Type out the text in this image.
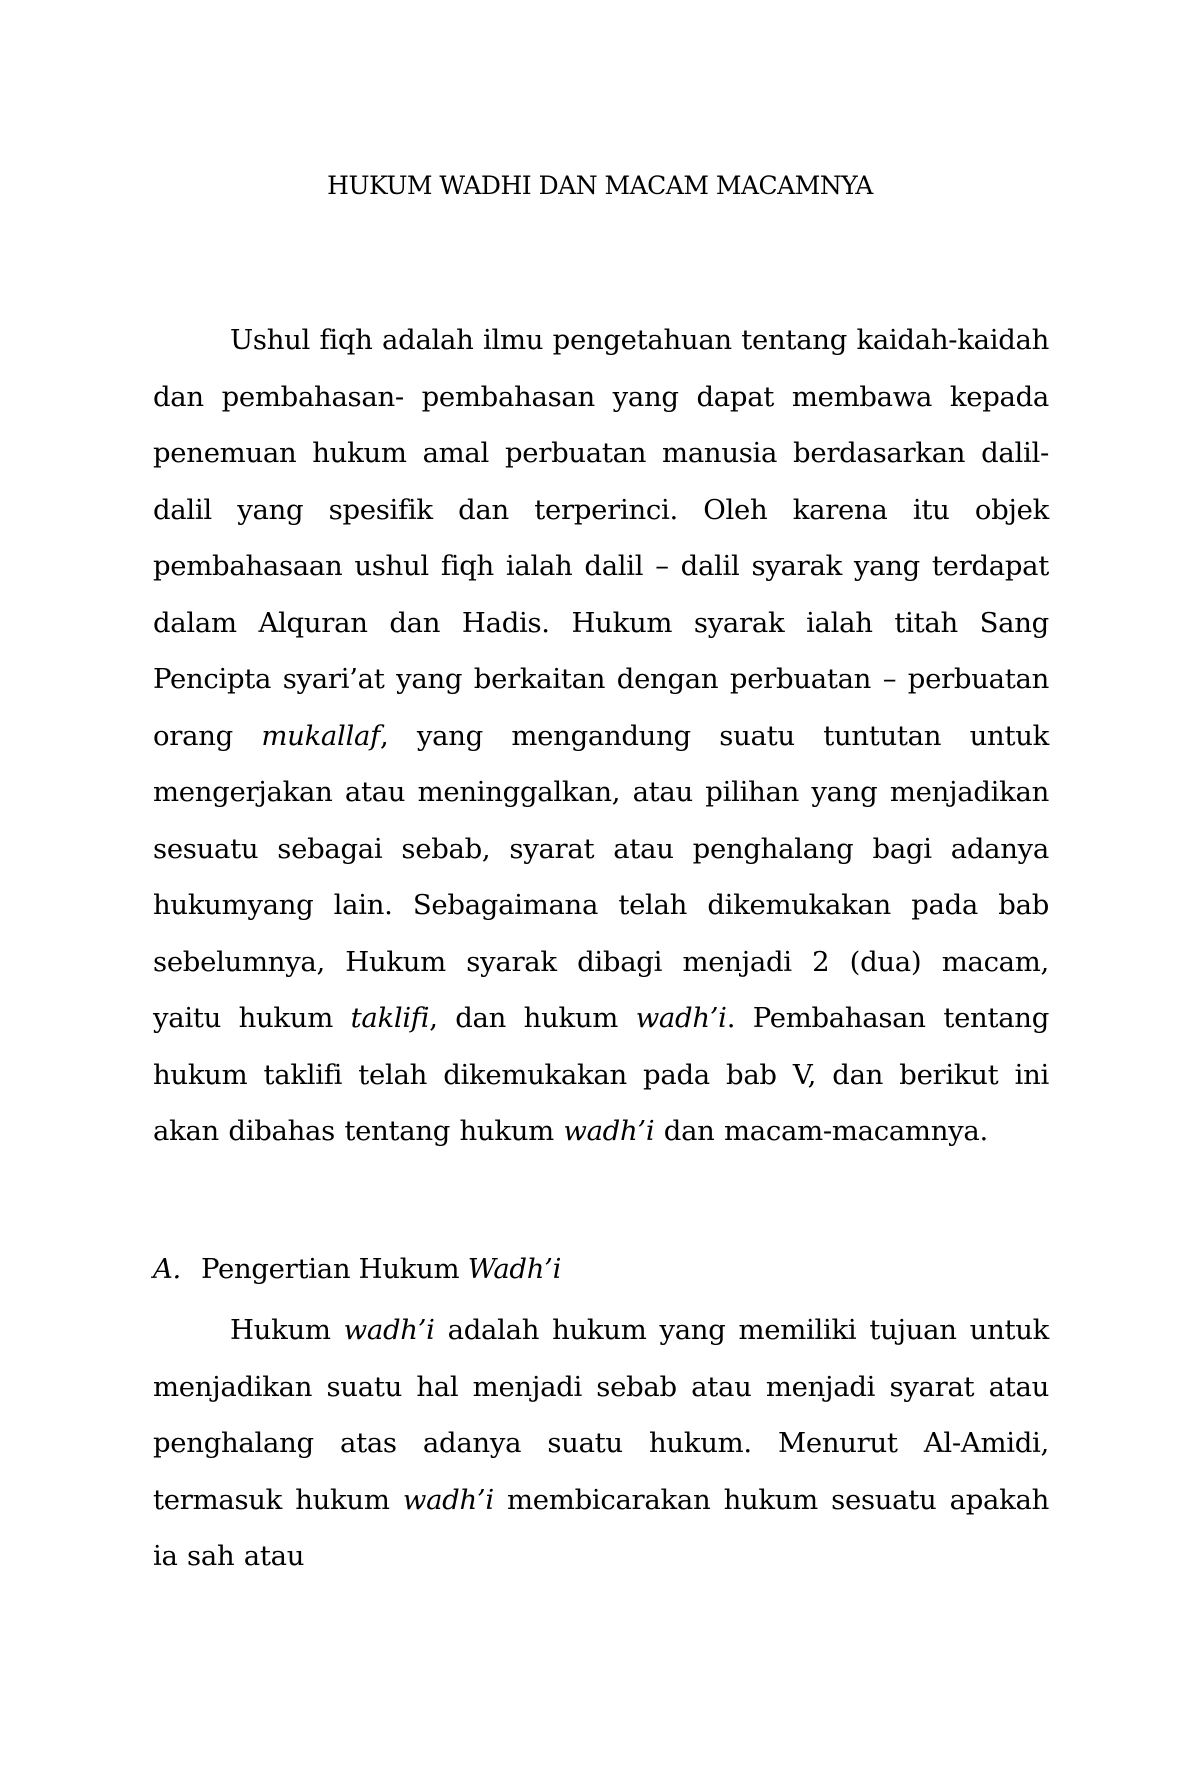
HUKUM WADHI DAN MACAM MACAMNYA

Ushul fiqh adalah ilmu pengetahuan tentang kaidah-kaidah dan pembahasan- pembahasan yang dapat membawa kepada penemuan hukum amal perbuatan manusia berdasarkan dalil-dalil yang spesifik dan terperinci. Oleh karena itu objek pembahasaan ushul fiqh ialah dalil – dalil syarak yang terdapat dalam Alquran dan Hadis. Hukum syarak ialah titah Sang Pencipta syari’at yang berkaitan dengan perbuatan – perbuatan orang mukallaf, yang mengandung suatu tuntutan untuk mengerjakan atau meninggalkan, atau pilihan yang menjadikan sesuatu sebagai sebab, syarat atau penghalang bagi adanya hukumyang lain. Sebagaimana telah dikemukakan pada bab sebelumnya, Hukum syarak dibagi menjadi 2 (dua) macam, yaitu hukum taklifi, dan hukum wadh’i. Pembahasan tentang hukum taklifi telah dikemukakan pada bab V, dan berikut ini akan dibahas tentang hukum wadh’i dan macam-macamnya.

A. Pengertian Hukum Wadh’i

Hukum wadh’i adalah hukum yang memiliki tujuan untuk menjadikan suatu hal menjadi sebab atau menjadi syarat atau penghalang atas adanya suatu hukum. Menurut Al-Amidi, termasuk hukum wadh’i membicarakan hukum sesuatu apakah ia sah atau
